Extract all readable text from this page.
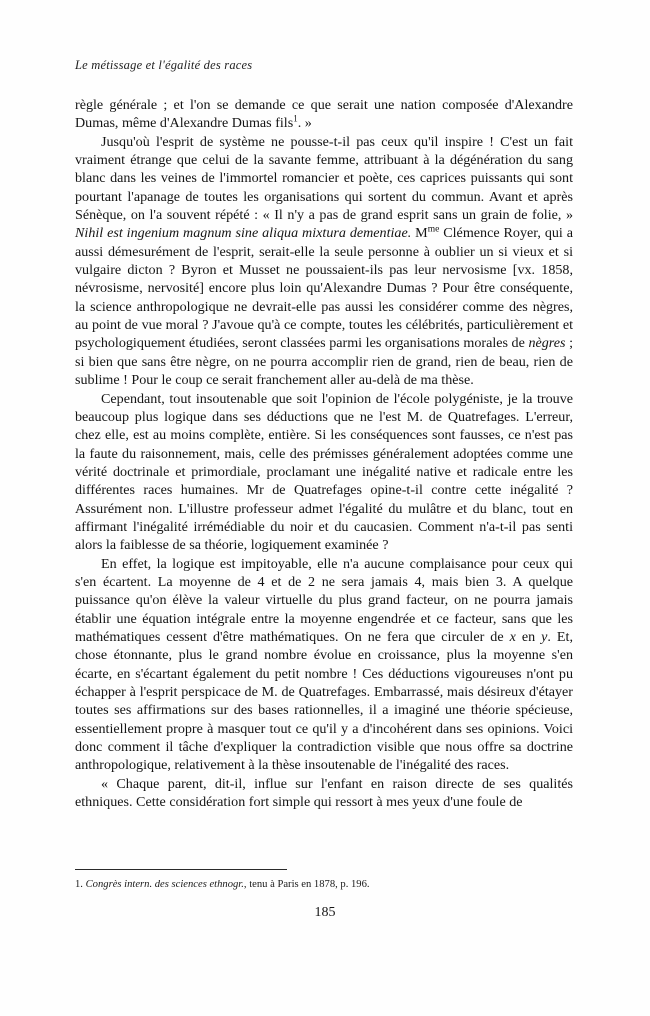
Le métissage et l'égalité des races

règle générale ; et l'on se demande ce que serait une nation composée d'Alexandre Dumas, même d'Alexandre Dumas fils$^1$. »

Jusqu'où l'esprit de système ne pousse-t-il pas ceux qu'il inspire ! C'est un fait vraiment étrange que celui de la savante femme, attribuant à la dégénération du sang blanc dans les veines de l'immortel romancier et poète, ces caprices puissants qui sont pourtant l'apanage de toutes les organisations qui sortent du commun. Avant et après Sénèque, on l'a souvent répété : « Il n'y a pas de grand esprit sans un grain de folie, » Nihil est ingenium magnum sine aliqua mixtura dementiae. $M^{me}$ Clémence Royer, qui a aussi démesurément de l'esprit, serait-elle la seule personne à oublier un si vieux et si vulgaire dicton ? Byron et Musset ne poussaient-ils pas leur nervosisme [vx. 1858, névrosisme, nervosité] encore plus loin qu'Alexandre Dumas ? Pour être conséquente, la science anthropologique ne devrait-elle pas aussi les considérer comme des nègres, au point de vue moral ? J'avoue qu'à ce compte, toutes les célébrités, particulièrement et psychologiquement étudiées, seront classées parmi les organisations morales de nègres ; si bien que sans être nègre, on ne pourra accomplir rien de grand, rien de beau, rien de sublime ! Pour le coup ce serait franchement aller au-delà de ma thèse.

Cependant, tout insoutenable que soit l'opinion de l'école polygéniste, je la trouve beaucoup plus logique dans ses déductions que ne l'est M. de Quatrefages. L'erreur, chez elle, est au moins complète, entière. Si les conséquences sont fausses, ce n'est pas la faute du raisonnement, mais, celle des prémisses généralement adoptées comme une vérité doctrinale et primordiale, proclamant une inégalité native et radicale entre les différentes races humaines. Mr de Quatrefages opine-t-il contre cette inégalité ? Assurément non. L'illustre professeur admet l'égalité du mulâtre et du blanc, tout en affirmant l'inégalité irrémédiable du noir et du caucasien. Comment n'a-t-il pas senti alors la faiblesse de sa théorie, logiquement examinée ?

En effet, la logique est impitoyable, elle n'a aucune complaisance pour ceux qui s'en écartent. La moyenne de 4 et de 2 ne sera jamais 4, mais bien 3. A quelque puissance qu'on élève la valeur virtuelle du plus grand facteur, on ne pourra jamais établir une équation intégrale entre la moyenne engendrée et ce facteur, sans que les mathématiques cessent d'être mathématiques. On ne fera que circuler de x en y. Et, chose étonnante, plus le grand nombre évolue en croissance, plus la moyenne s'en écarte, en s'écartant également du petit nombre ! Ces déductions vigoureuses n'ont pu échapper à l'esprit perspicace de M. de Quatrefages. Embarrassé, mais désireux d'étayer toutes ses affirmations sur des bases rationnelles, il a imaginé une théorie spécieuse, essentiellement propre à masquer tout ce qu'il y a d'incohérent dans ses opinions. Voici donc comment il tâche d'expliquer la contradiction visible que nous offre sa doctrine anthropologique, relativement à la thèse insoutenable de l'inégalité des races.

« Chaque parent, dit-il, influe sur l'enfant en raison directe de ses qualités ethniques. Cette considération fort simple qui ressort à mes yeux d'une foule de

1. Congrès intern. des sciences ethnogr., tenu à Paris en 1878, p. 196.
185
